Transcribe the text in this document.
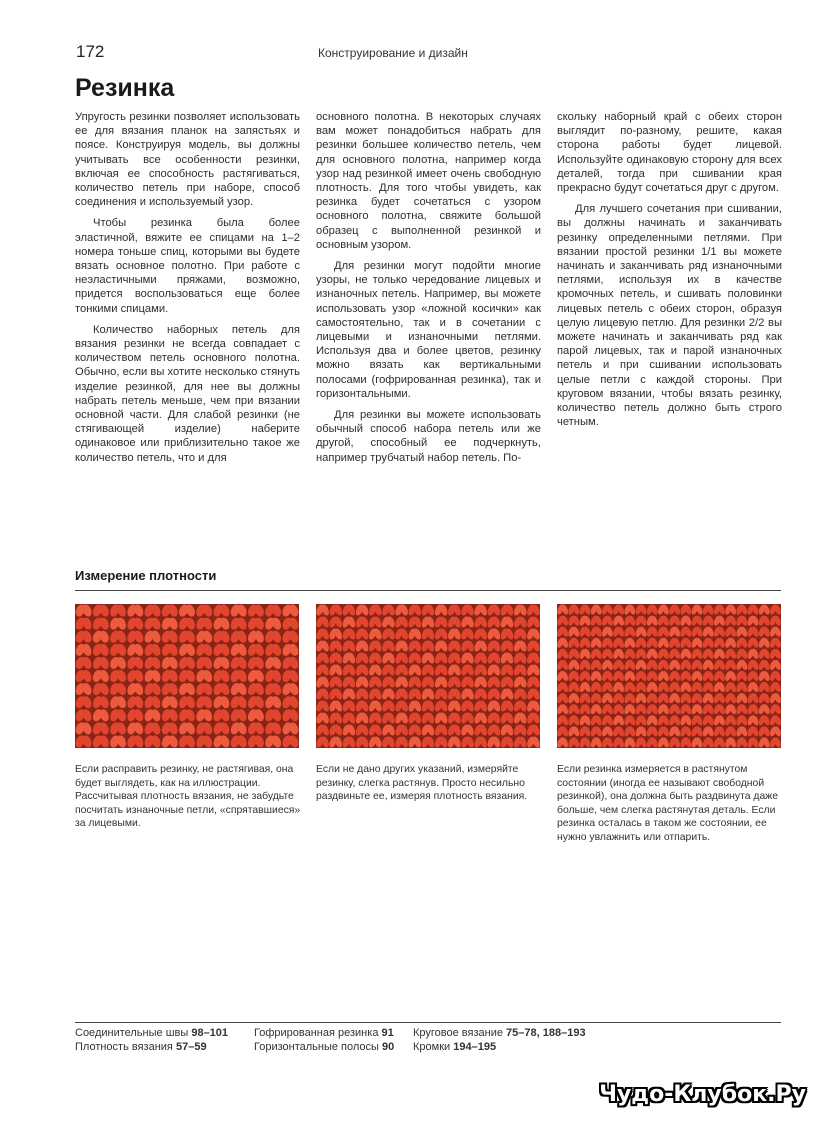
172	Конструирование и дизайн
Резинка

Упругость резинки позволяет использовать ее для вязания планок на запястьях и поясе. Конструируя модель, вы должны учитывать все особенности резинки, включая ее способность растягиваться, количество петель при наборе, способ соединения и используемый узор.

Чтобы резинка была более эластичной, вяжите ее спицами на 1–2 номера тоньше спиц, которыми вы будете вязать основное полотно. При работе с неэластичными пряжами, возможно, придется воспользоваться еще более тонкими спицами.

Количество наборных петель для вязания резинки не всегда совпадает с количеством петель основного полотна. Обычно, если вы хотите несколько стянуть изделие резинкой, для нее вы должны набрать петель меньше, чем при вязании основной части. Для слабой резинки (не стягивающей изделие) наберите одинаковое или приблизительно такое же количество петель, что и для

основного полотна. В некоторых случаях вам может понадобиться набрать для резинки большее количество петель, чем для основного полотна, например когда узор над резинкой имеет очень свободную плотность. Для того чтобы увидеть, как резинка будет сочетаться с узором основного полотна, свяжите большой образец с выполненной резинкой и основным узором.

Для резинки могут подойти многие узоры, не только чередование лицевых и изнаночных петель. Например, вы можете использовать узор «ложной косички» как самостоятельно, так и в сочетании с лицевыми и изнаночными петлями. Используя два и более цветов, резинку можно вязать как вертикальными полосами (гофрированная резинка), так и горизонтальными.

Для резинки вы можете использовать обычный способ набора петель или же другой, способный ее подчеркнуть, например трубчатый набор петель. По-

скольку наборный край с обеих сторон выглядит по-разному, решите, какая сторона работы будет лицевой. Используйте одинаковую сторону для всех деталей, тогда при сшивании края прекрасно будут сочетаться друг с другом.

Для лучшего сочетания при сшивании, вы должны начинать и заканчивать резинку определенными петлями. При вязании простой резинки 1/1 вы можете начинать и заканчивать ряд изнаночными петлями, используя их в качестве кромочных петель, и сшивать половинки лицевых петель с обеих сторон, образуя целую лицевую петлю. Для резинки 2/2 вы можете начинать и заканчивать ряд как парой лицевых, так и парой изнаночных петель и при сшивании использовать целые петли с каждой стороны. При круговом вязании, чтобы вязать резинку, количество петель должно быть строго четным.

Измерение плотности
Если расправить резинку, не растягивая, она будет выглядеть, как на иллюстрации. Рассчитывая плотность вязания, не забудьте посчитать изнаночные петли, «спрятавшиеся» за лицевыми.
Если не дано других указаний, измеряйте резинку, слегка растянув. Просто несильно раздвиньте ее, измеряя плотность вязания.
Если резинка измеряется в растянутом состоянии (иногда ее называют свободной резинкой), она должна быть раздвинута даже больше, чем слегка растянутая деталь. Если резинка осталась в таком же состоянии, ее нужно увлажнить или отпарить.
Соединительные швы 98–101
Плотность вязания 57–59
Гофрированная резинка 91
Горизонтальные полосы 90
Круговое вязание 75–78, 188–193
Кромки 194–195
Чудо-Клубок.Ру
